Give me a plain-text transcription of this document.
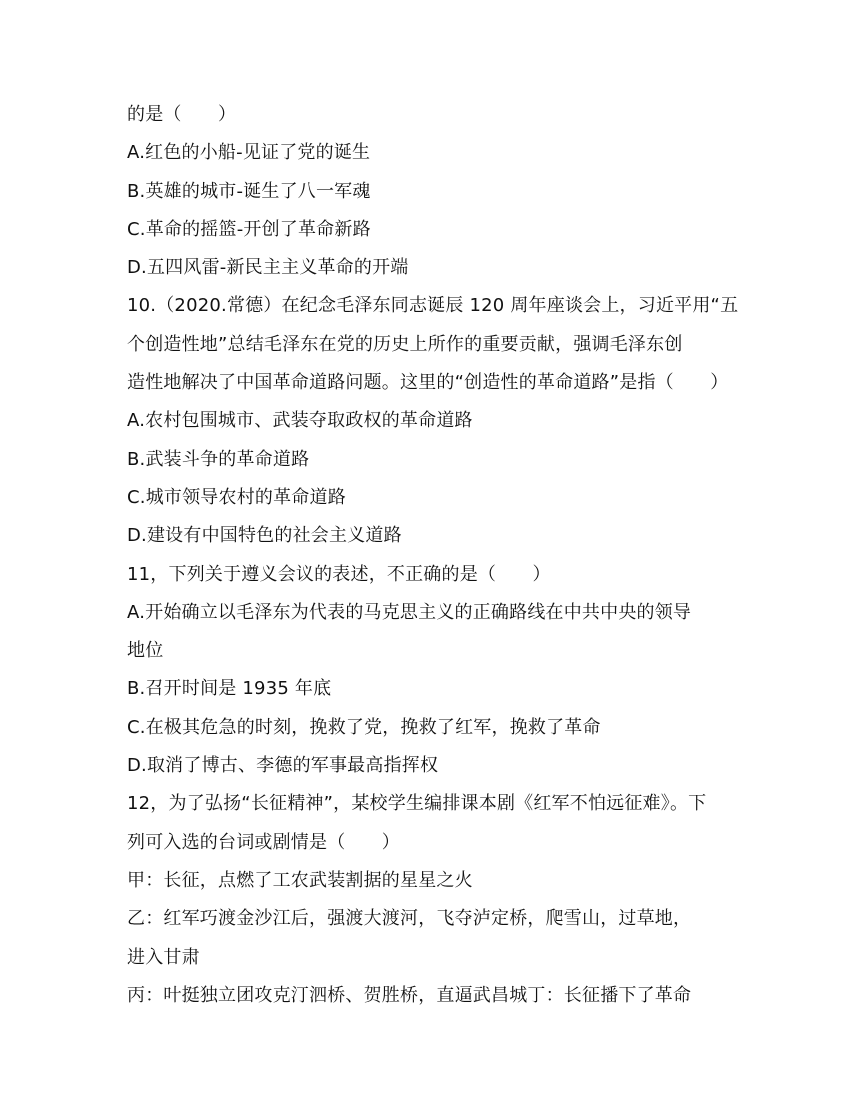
的是（　　）
A.红色的小船-见证了党的诞生
B.英雄的城市-诞生了八一军魂
C.革命的摇篮-开创了革命新路
D.五四风雷-新民主主义革命的开端
10.（2020.常德）在纪念毛泽东同志诞辰 120 周年座谈会上，习近平用“五
个创造性地”总结毛泽东在党的历史上所作的重要贡献，强调毛泽东创
造性地解决了中国革命道路问题。这里的“创造性的革命道路”是指（　　）
A.农村包围城市、武装夺取政权的革命道路
B.武装斗争的革命道路
C.城市领导农村的革命道路
D.建设有中国特色的社会主义道路
11，下列关于遵义会议的表述，不正确的是（　　）
A.开始确立以毛泽东为代表的马克思主义的正确路线在中共中央的领导
地位
B.召开时间是 1935 年底
C.在极其危急的时刻，挽救了党，挽救了红军，挽救了革命
D.取消了博古、李德的军事最高指挥权
12，为了弘扬“长征精神”，某校学生编排课本剧《红军不怕远征难》。下
列可入选的台词或剧情是（　　）
甲：长征，点燃了工农武装割据的星星之火
乙：红军巧渡金沙江后，强渡大渡河，飞夺泸定桥，爬雪山，过草地，
进入甘肃
丙：叶挺独立团攻克汀泗桥、贺胜桥，直逼武昌城丁：长征播下了革命
